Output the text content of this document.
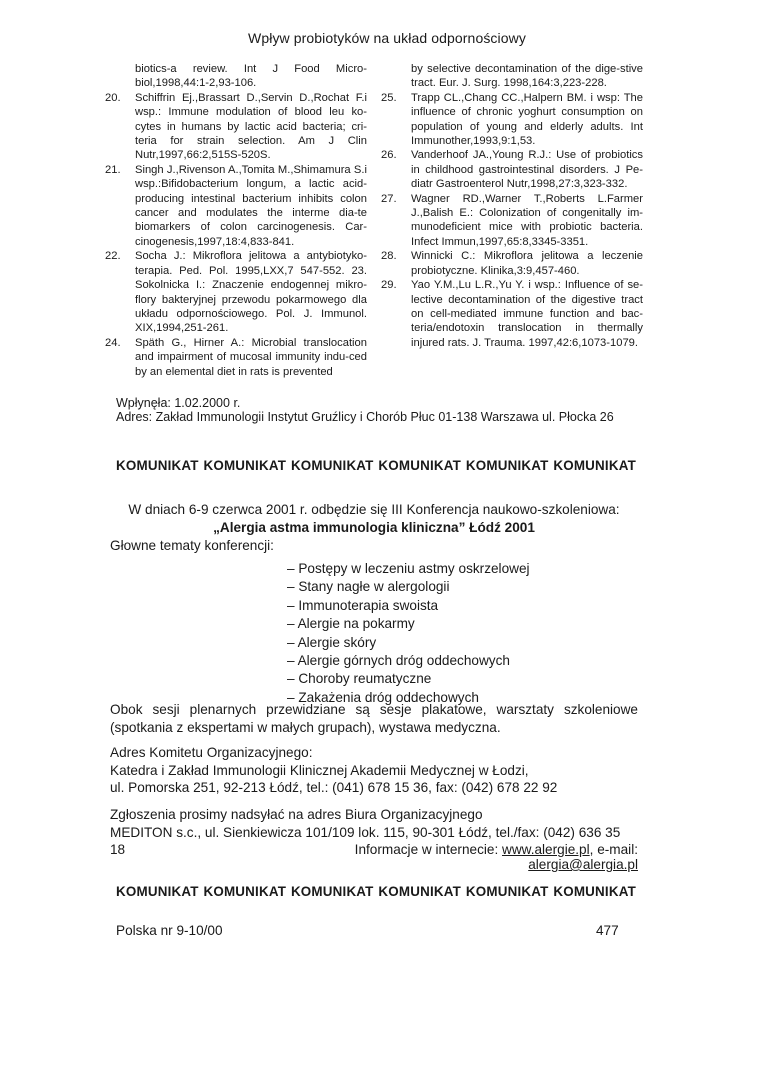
Wpływ probiotyków na układ odpornościowy
biotics-a review. Int J Food Micro-biol,1998,44:1-2,93-106.
20.	Schiffrin Ej.,Brassart D.,Servin D.,Rochat F.i wsp.: Immune modulation of blood leu ko-cytes in humans by lactic acid bacteria; cri-teria for strain selection. Am J Clin Nutr,1997,66:2,515S-520S.
21.	Singh J.,Rivenson A.,Tomita M.,Shimamura S.i wsp.:Bifidobacterium longum, a lactic acid-producing intestinal bacterium inhibits colon cancer and modulates the interme dia-te biomarkers of colon carcinogenesis. Car-cinogenesis,1997,18:4,833-841.
22.	Socha J.: Mikroflora jelitowa a antybiotyko-terapia. Ped. Pol. 1995,LXX,7 547-552. 23. Sokolnicka I.: Znaczenie endogennej mikro-flory bakteryjnej przewodu pokarmowego dla układu odpornościowego. Pol. J. Immunol. XIX,1994,251-261.
24.	Späth G., Hirner A.: Microbial translocation and impairment of mucosal immunity indu-ced by an elemental diet in rats is prevented
by selective decontamination of the dige-stive tract. Eur. J. Surg. 1998,164:3,223-228.
25.	Trapp CL.,Chang CC.,Halpern BM. i wsp: The influence of chronic yoghurt consumption on population of young and elderly adults. Int Immunother,1993,9:1,53.
26.	Vanderhoof JA.,Young R.J.: Use of probiotics in childhood gastrointestinal disorders. J Pe-diatr Gastroenterol Nutr,1998,27:3,323-332.
27.	Wagner RD.,Warner T.,Roberts L.Farmer J.,Balish E.: Colonization of congenitally im-munodeficient mice with probiotic bacteria. Infect Immun,1997,65:8,3345-3351.
28.	Winnicki C.: Mikroflora jelitowa a leczenie probiotyczne. Klinika,3:9,457-460.
29.	Yao Y.M.,Lu L.R.,Yu Y. i wsp.: Influence of se-lective decontamination of the digestive tract on cell-mediated immune function and bac-teria/endotoxin translocation in thermally injured rats. J. Trauma. 1997,42:6,1073-1079.
Wpłynęła: 1.02.2000 r.
Adres: Zakład Immunologii Instytut Gruźlicy i Chorób Płuc 01-138 Warszawa ul. Płocka 26
KOMUNIKAT KOMUNIKAT KOMUNIKAT KOMUNIKAT KOMUNIKAT KOMUNIKAT
W dniach 6-9 czerwca 2001 r. odbędzie się III Konferencja naukowo-szkoleniowa:
„Alergia astma immunologia kliniczna” Łódź 2001
Głowne tematy konferencji:
– Postępy w leczeniu astmy oskrzelowej
– Stany nagłe w alergologii
– Immunoterapia swoista
– Alergie na pokarmy
– Alergie skóry
– Alergie górnych dróg oddechowych
– Choroby reumatyczne
– Zakażenia dróg oddechowych
Obok sesji plenarnych przewidziane są sesje plakatowe, warsztaty szkoleniowe (spotkania z ekspertami w małych grupach), wystawa medyczna.
Adres Komitetu Organizacyjnego:
Katedra i Zakład Immunologii Klinicznej Akademii Medycznej w Łodzi,
ul. Pomorska 251, 92-213 Łódź, tel.: (041) 678 15 36, fax: (042) 678 22 92
Zgłoszenia prosimy nadsyłać na adres Biura Organizacyjnego
MEDITON s.c., ul. Sienkiewicza 101/109 lok. 115, 90-301 Łódź, tel./fax: (042) 636 35 18	Informacje w internecie: www.alergie.pl, e-mail: alergia@alergia.pl
KOMUNIKAT KOMUNIKAT KOMUNIKAT KOMUNIKAT KOMUNIKAT KOMUNIKAT
Polska nr 9-10/00	477
